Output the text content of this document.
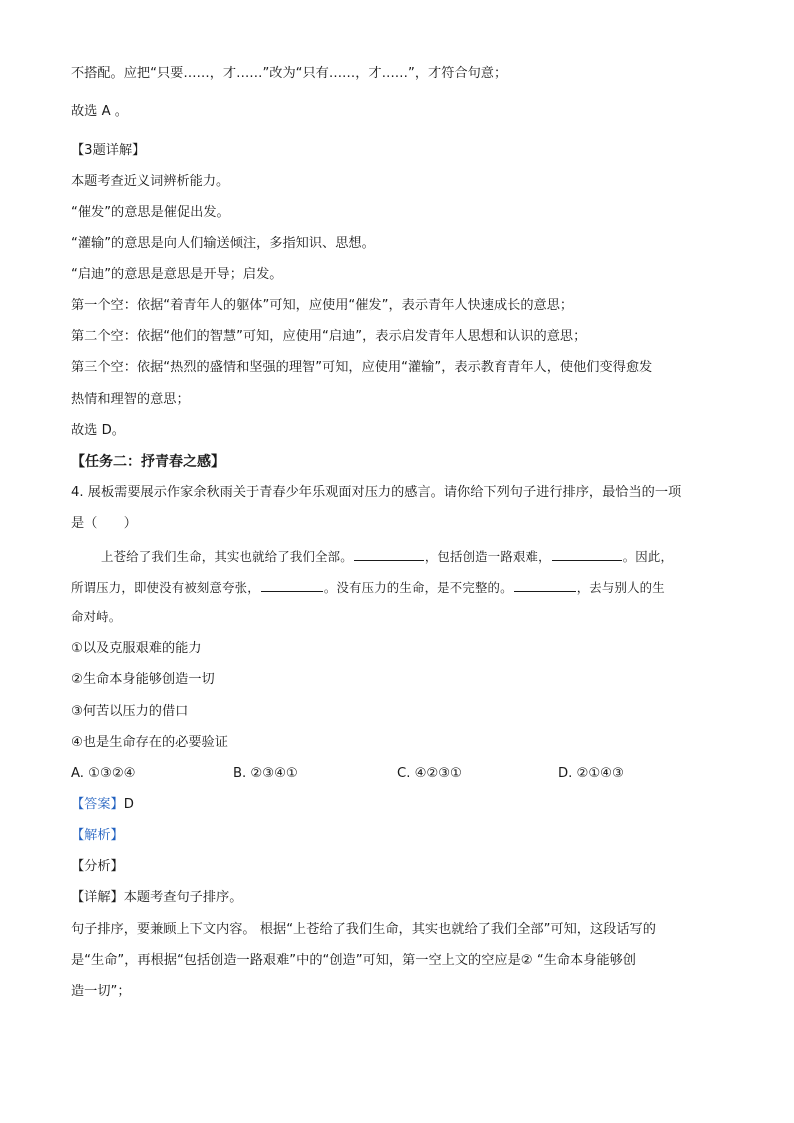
不搭配。应把“只要……，才……”改为“只有……，才……”，才符合句意；
故选 A 。
【3题详解】
本题考查近义词辨析能力。
“催发”的意思是催促出发。
“灌输”的意思是向人们输送倾注，多指知识、思想。
“启迪”的意思是意思是开导；启发。
第一个空：依据“着青年人的躯体”可知，应使用“催发”，表示青年人快速成长的意思；
第二个空：依据“他们的智慧”可知，应使用“启迪”，表示启发青年人思想和认识的意思；
第三个空：依据“热烈的盛情和坚强的理智”可知，应使用“灌输”，表示教育青年人，使他们变得愈发
热情和理智的意思；
故选 D。
【任务二：抒青春之感】
4. 展板需要展示作家余秋雨关于青春少年乐观面对压力的感言。请你给下列句子进行排序，最恰当的一项
是（　　）
上苍给了我们生命，其实也就给了我们全部。	，包括创造一路艰难，	。因此，
所谓压力，即使没有被刻意夸张，	。没有压力的生命，是不完整的。	，去与别人的生
命对峙。
①以及克服艰难的能力
②生命本身能够创造一切
③何苦以压力的借口
④也是生命存在的必要验证
A. ①③②④	B. ②③④①	C. ④②③①	D. ②①④③
【答案】D
【解析】
【分析】
【详解】本题考查句子排序。
句子排序，要兼顾上下文内容。 根据“上苍给了我们生命，其实也就给了我们全部”可知，这段话写的
是“生命”，再根据“包括创造一路艰难”中的“创造”可知，第一空上文的空应是② “生命本身能够创
造一切”；
